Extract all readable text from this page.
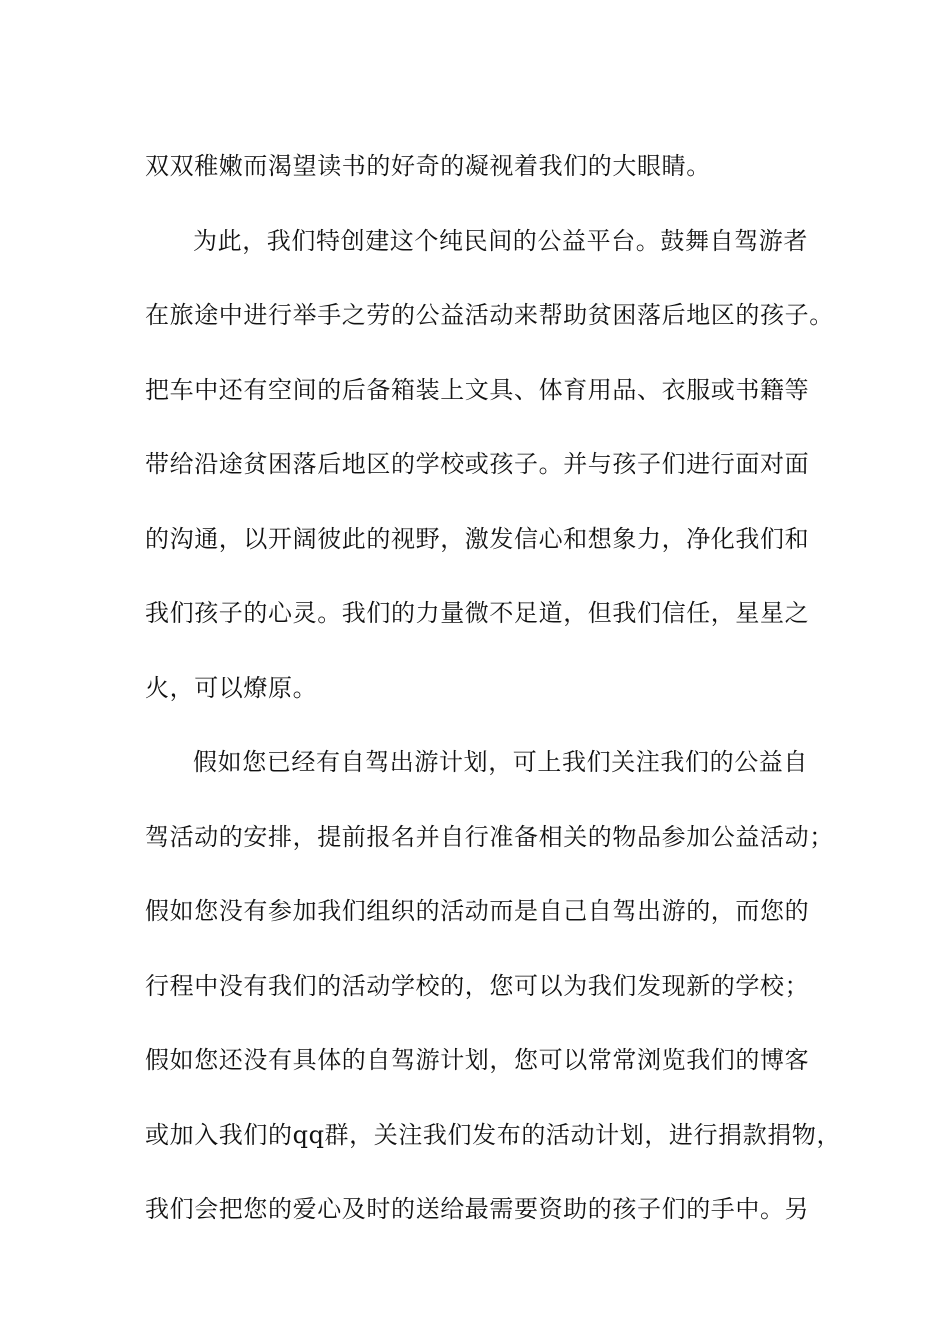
双双稚嫩而渴望读书的好奇的凝视着我们的大眼睛。
为此，我们特创建这个纯民间的公益平台。鼓舞自驾游者
在旅途中进行举手之劳的公益活动来帮助贫困落后地区的孩子。
把车中还有空间的后备箱装上文具、体育用品、衣服或书籍等
带给沿途贫困落后地区的学校或孩子。并与孩子们进行面对面
的沟通，以开阔彼此的视野，激发信心和想象力，净化我们和
我们孩子的心灵。我们的力量微不足道，但我们信任，星星之
火，可以燎原。
假如您已经有自驾出游计划，可上我们关注我们的公益自
驾活动的安排，提前报名并自行准备相关的物品参加公益活动；
假如您没有参加我们组织的活动而是自己自驾出游的，而您的
行程中没有我们的活动学校的，您可以为我们发现新的学校；
假如您还没有具体的自驾游计划，您可以常常浏览我们的博客
或加入我们的qq群，关注我们发布的活动计划，进行捐款捐物，
我们会把您的爱心及时的送给最需要资助的孩子们的手中。另
